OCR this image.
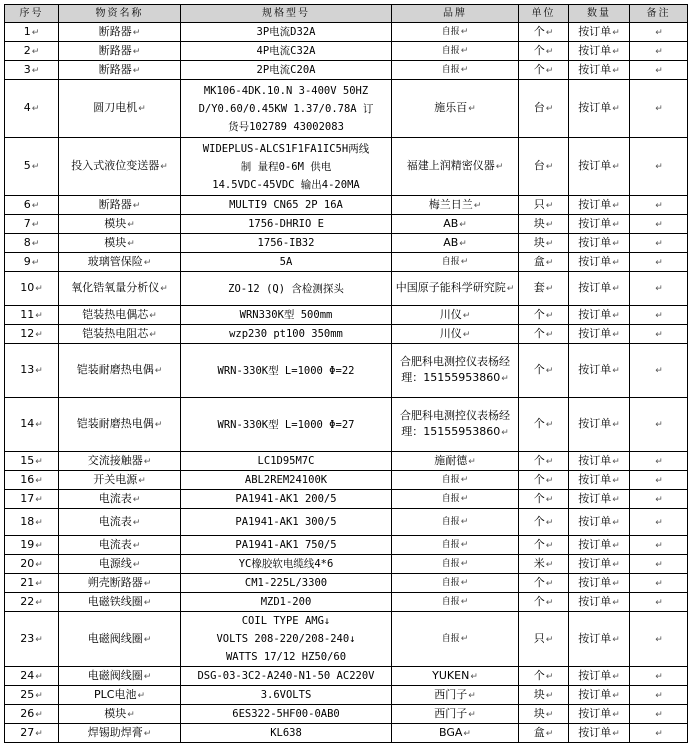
序号	物资名称	规格型号	品牌	单位	数量	备注
1↵	断路器↵	3P电流D32A	自报↵	个↵	按订单↵	↵
2↵	断路器↵	4P电流C32A	自报↵	个↵	按订单↵	↵
3↵	断路器↵	2P电流C20A	自报↵	个↵	按订单↵	↵
4↵	圆刀电机↵	MK106-4DK.10.N 3-400V 50HZ
D/Y0.60/0.45KW 1.37/0.78A 订
货号102789 43002083	施乐百↵	台↵	按订单↵	↵
5↵	投入式液位变送器↵	WIDEPLUS-ALCS1F1FA1IC5H两线
制 量程0-6M 供电
14.5VDC-45VDC 输出4-20MA	福建上润精密仪器↵	台↵	按订单↵	↵
6↵	断路器↵	MULTI9 CN65 2P 16A	梅兰日兰↵	只↵	按订单↵	↵
7↵	模块↵	1756-DHRIO E	AB↵	块↵	按订单↵	↵
8↵	模块↵	1756-IB32	AB↵	块↵	按订单↵	↵
9↵	玻璃管保险↵	5A	自报↵	盒↵	按订单↵	↵
10↵	氧化锆氧量分析仪↵	ZO-12 (Q) 含检测探头	中国原子能科学研究院↵	套↵	按订单↵	↵
11↵	铠装热电偶芯↵	WRN330K型 500mm	川仪↵	个↵	按订单↵	↵
12↵	铠装热电阻芯↵	wzp230 pt100 350mm	川仪↵	个↵	按订单↵	↵
13↵	铠装耐磨热电偶↵	WRN-330K型 L=1000 Φ=22	合肥科电测控仪表杨经理：15155953860↵	个↵	按订单↵	↵
14↵	铠装耐磨热电偶↵	WRN-330K型 L=1000 Φ=27	合肥科电测控仪表杨经理：15155953860↵	个↵	按订单↵	↵
15↵	交流接触器↵	LC1D95M7C	施耐德↵	个↵	按订单↵	↵
16↵	开关电源↵	ABL2REM24100K	自报↵	个↵	按订单↵	↵
17↵	电流表↵	PA1941-AK1 200/5	自报↵	个↵	按订单↵	↵
18↵	电流表↵	PA1941-AK1 300/5	自报↵	个↵	按订单↵	↵
19↵	电流表↵	PA1941-AK1 750/5	自报↵	个↵	按订单↵	↵
20↵	电源线↵	YC橡胶软电缆线4*6	自报↵	米↵	按订单↵	↵
21↵	朔壳断路器↵	CM1-225L/3300	自报↵	个↵	按订单↵	↵
22↵	电磁铁线圈↵	MZD1-200	自报↵	个↵	按订单↵	↵
23↵	电磁阀线圈↵	COIL TYPE AMG↓
VOLTS 208-220/208-240↓
WATTS 17/12 HZ50/60	自报↵	只↵	按订单↵	↵
24↵	电磁阀线圈↵	DSG-03-3C2-A240-N1-50 AC220V	YUKEN↵	个↵	按订单↵	↵
25↵	PLC电池↵	3.6VOLTS	西门子↵	块↵	按订单↵	↵
26↵	模块↵	6ES322-5HF00-0AB0	西门子↵	块↵	按订单↵	↵
27↵	焊锡助焊膏↵	KL638	BGA↵	盒↵	按订单↵	↵
